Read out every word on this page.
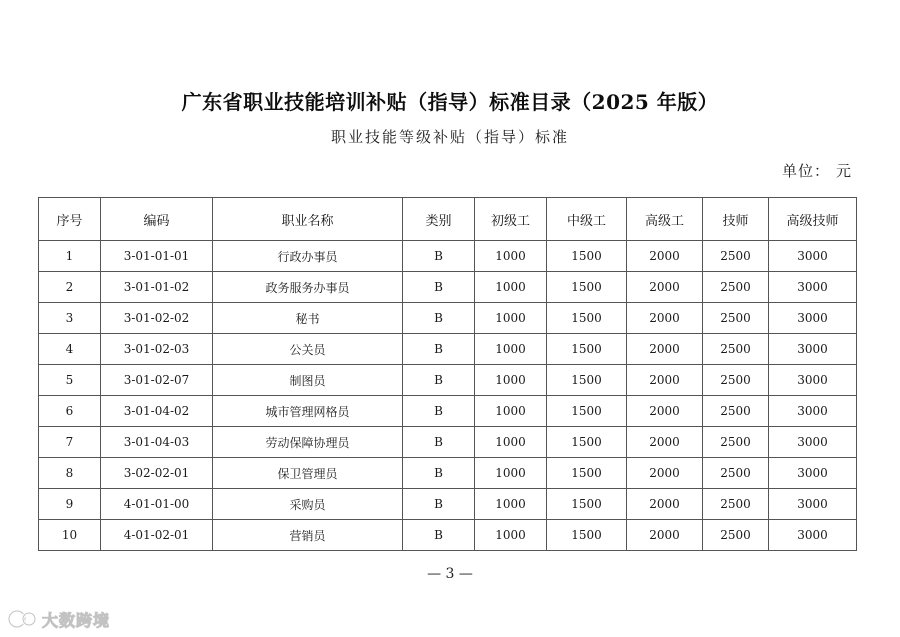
广东省职业技能培训补贴（指导）标准目录（2025 年版）
职业技能等级补贴（指导）标准
单位： 元
序号	编码	职业名称	类别	初级工	中级工	高级工	技师	高级技师
1	3-01-01-01	行政办事员	B	1000	1500	2000	2500	3000
2	3-01-01-02	政务服务办事员	B	1000	1500	2000	2500	3000
3	3-01-02-02	秘书	B	1000	1500	2000	2500	3000
4	3-01-02-03	公关员	B	1000	1500	2000	2500	3000
5	3-01-02-07	制图员	B	1000	1500	2000	2500	3000
6	3-01-04-02	城市管理网格员	B	1000	1500	2000	2500	3000
7	3-01-04-03	劳动保障协理员	B	1000	1500	2000	2500	3000
8	3-02-02-01	保卫管理员	B	1000	1500	2000	2500	3000
9	4-01-01-00	采购员	B	1000	1500	2000	2500	3000
10	4-01-02-01	营销员	B	1000	1500	2000	2500	3000
— 3 —
大数跨境
